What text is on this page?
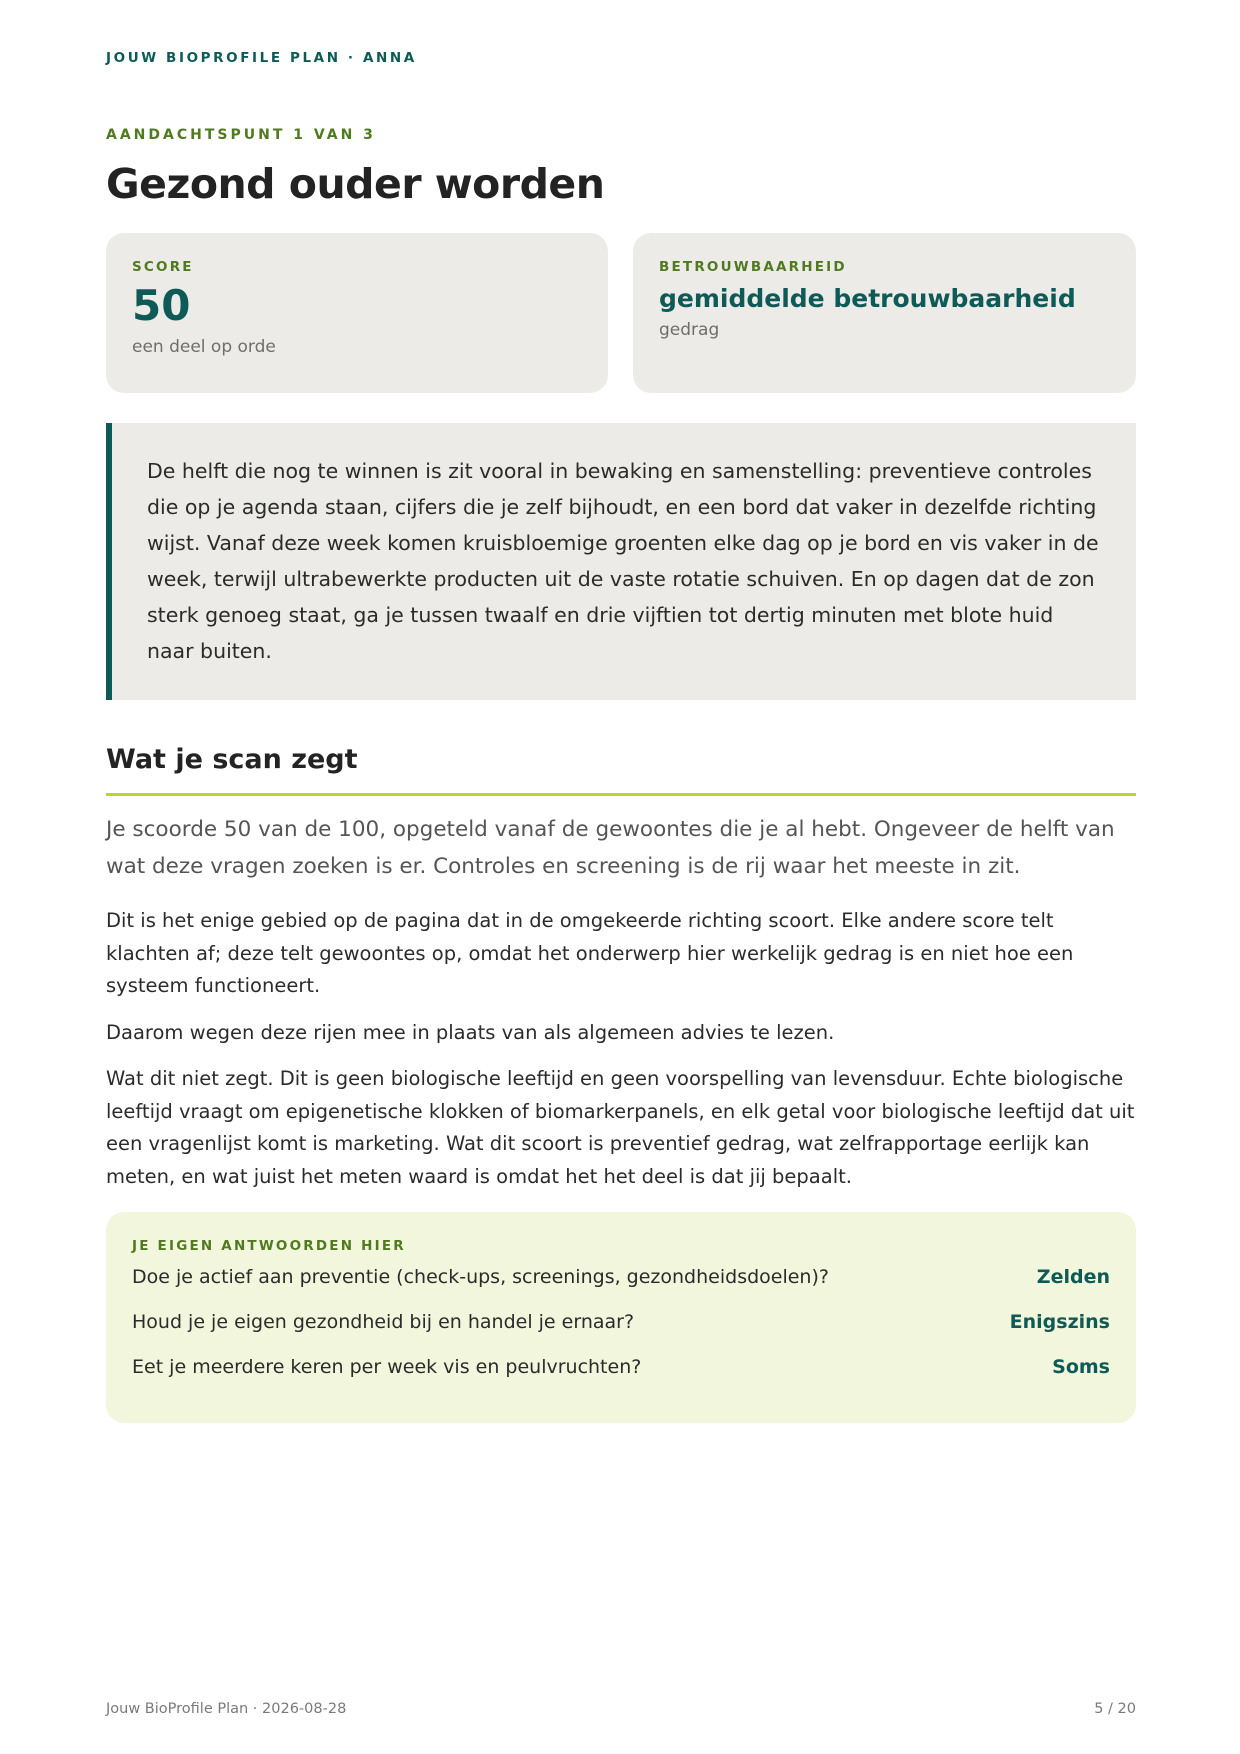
JOUW BIOPROFILE PLAN · ANNA
AANDACHTSPUNT 1 VAN 3
Gezond ouder worden
SCORE
50
een deel op orde
BETROUWBAARHEID
gemiddelde betrouwbaarheid
gedrag
De helft die nog te winnen is zit vooral in bewaking en samenstelling: preventieve controles die op je agenda staan, cijfers die je zelf bijhoudt, en een bord dat vaker in dezelfde richting wijst. Vanaf deze week komen kruisbloemige groenten elke dag op je bord en vis vaker in de week, terwijl ultrabewerkte producten uit de vaste rotatie schuiven. En op dagen dat de zon sterk genoeg staat, ga je tussen twaalf en drie vijftien tot dertig minuten met blote huid naar buiten.
Wat je scan zegt

Je scoorde 50 van de 100, opgeteld vanaf de gewoontes die je al hebt. Ongeveer de helft van wat deze vragen zoeken is er. Controles en screening is de rij waar het meeste in zit.

Dit is het enige gebied op de pagina dat in de omgekeerde richting scoort. Elke andere score telt klachten af; deze telt gewoontes op, omdat het onderwerp hier werkelijk gedrag is en niet hoe een systeem functioneert.

Daarom wegen deze rijen mee in plaats van als algemeen advies te lezen.

Wat dit niet zegt. Dit is geen biologische leeftijd en geen voorspelling van levensduur. Echte biologische leeftijd vraagt om epigenetische klokken of biomarkerpanels, en elk getal voor biologische leeftijd dat uit een vragenlijst komt is marketing. Wat dit scoort is preventief gedrag, wat zelfrapportage eerlijk kan meten, en wat juist het meten waard is omdat het het deel is dat jij bepaalt.

JE EIGEN ANTWOORDEN HIER
Doe je actief aan preventie (check-ups, screenings, gezondheidsdoelen)?	Zelden
Houd je je eigen gezondheid bij en handel je ernaar?	Enigszins
Eet je meerdere keren per week vis en peulvruchten?	Soms
Jouw BioProfile Plan · 2026-08-28	5 / 20
